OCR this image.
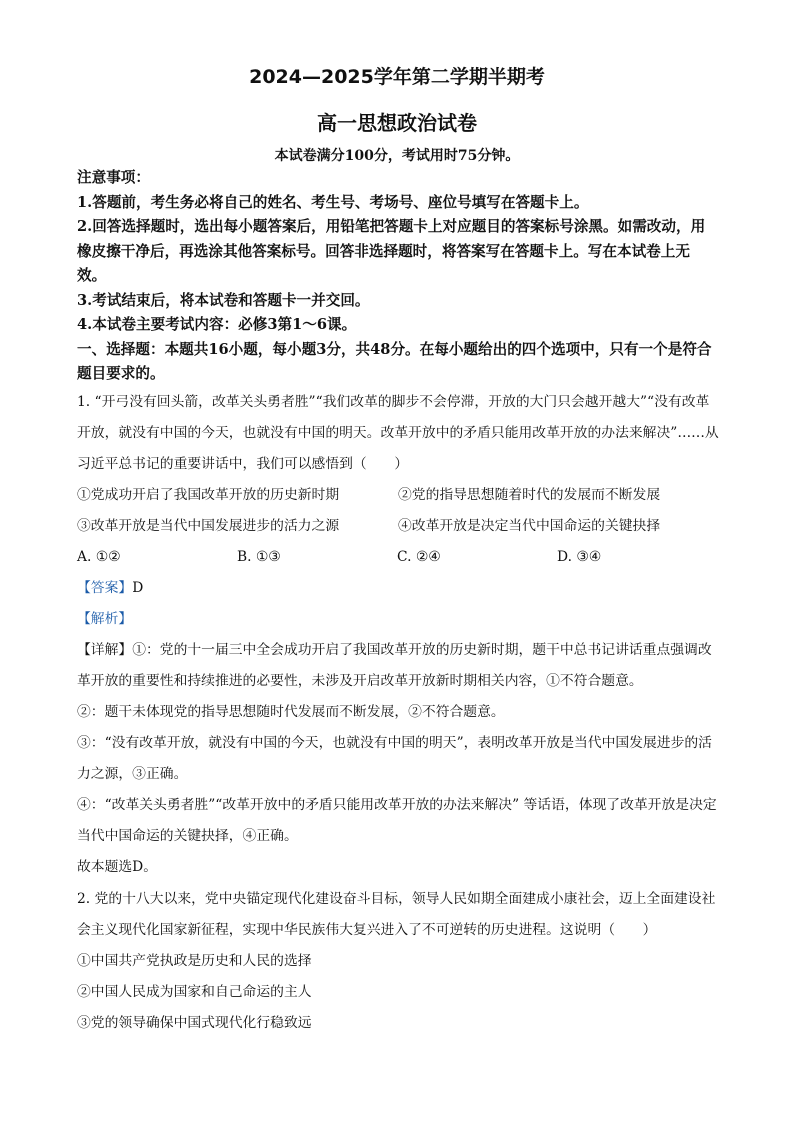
2024—2025学年第二学期半期考
高一思想政治试卷
本试卷满分100分，考试用时75分钟。

注意事项：

1.答题前，考生务必将自己的姓名、考生号、考场号、座位号填写在答题卡上。

2.回答选择题时，选出每小题答案后，用铅笔把答题卡上对应题目的答案标号涂黑。如需改动，用橡皮擦干净后，再选涂其他答案标号。回答非选择题时，将答案写在答题卡上。写在本试卷上无效。

3.考试结束后，将本试卷和答题卡一并交回。

4.本试卷主要考试内容：必修3第1～6课。

一、选择题：本题共16小题，每小题3分，共48分。在每小题给出的四个选项中，只有一个是符合题目要求的。

1. “开弓没有回头箭，改革关头勇者胜”“我们改革的脚步不会停滞，开放的大门只会越开越大”“没有改革开放，就没有中国的今天，也就没有中国的明天。改革开放中的矛盾只能用改革开放的办法来解决”……从习近平总书记的重要讲话中，我们可以感悟到（　　）

①党成功开启了我国改革开放的历史新时期	②党的指导思想随着时代的发展而不断发展
③改革开放是当代中国发展进步的活力之源	④改革开放是决定当代中国命运的关键抉择
A. ①②	B. ①③	C. ②④	D. ③④

【答案】D

【解析】

【详解】①：党的十一届三中全会成功开启了我国改革开放的历史新时期，题干中总书记讲话重点强调改革开放的重要性和持续推进的必要性，未涉及开启改革开放新时期相关内容，①不符合题意。

②：题干未体现党的指导思想随时代发展而不断发展，②不符合题意。

③：“没有改革开放，就没有中国的今天，也就没有中国的明天”，表明改革开放是当代中国发展进步的活力之源，③正确。

④：“改革关头勇者胜”“改革开放中的矛盾只能用改革开放的办法来解决” 等话语，体现了改革开放是决定当代中国命运的关键抉择，④正确。

故本题选D。

2. 党的十八大以来，党中央锚定现代化建设奋斗目标，领导人民如期全面建成小康社会，迈上全面建设社会主义现代化国家新征程，实现中华民族伟大复兴进入了不可逆转的历史进程。这说明（　　）

①中国共产党执政是历史和人民的选择

②中国人民成为国家和自己命运的主人

③党的领导确保中国式现代化行稳致远
